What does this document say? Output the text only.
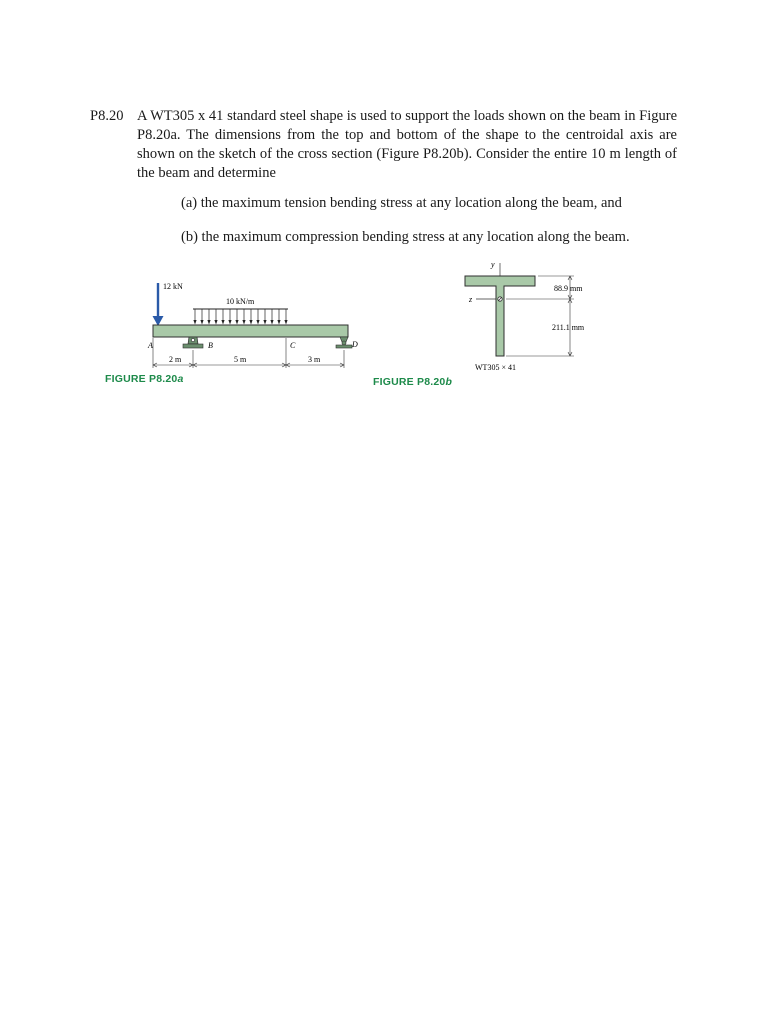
P8.20 A WT305 x 41 standard steel shape is used to support the loads shown on the beam in Figure P8.20a. The dimensions from the top and bottom of the shape to the centroidal axis are shown on the sketch of the cross section (Figure P8.20b). Consider the entire 10 m length of the beam and determine
(a) the maximum tension bending stress at any location along the beam, and
(b) the maximum compression bending stress at any location along the beam.
12 kN
10 kN/m
A	B	C	D
2 m	5 m	3 m
FIGURE P8.20a
y
z
88.9 mm
211.1 mm
WT305 × 41
FIGURE P8.20b
